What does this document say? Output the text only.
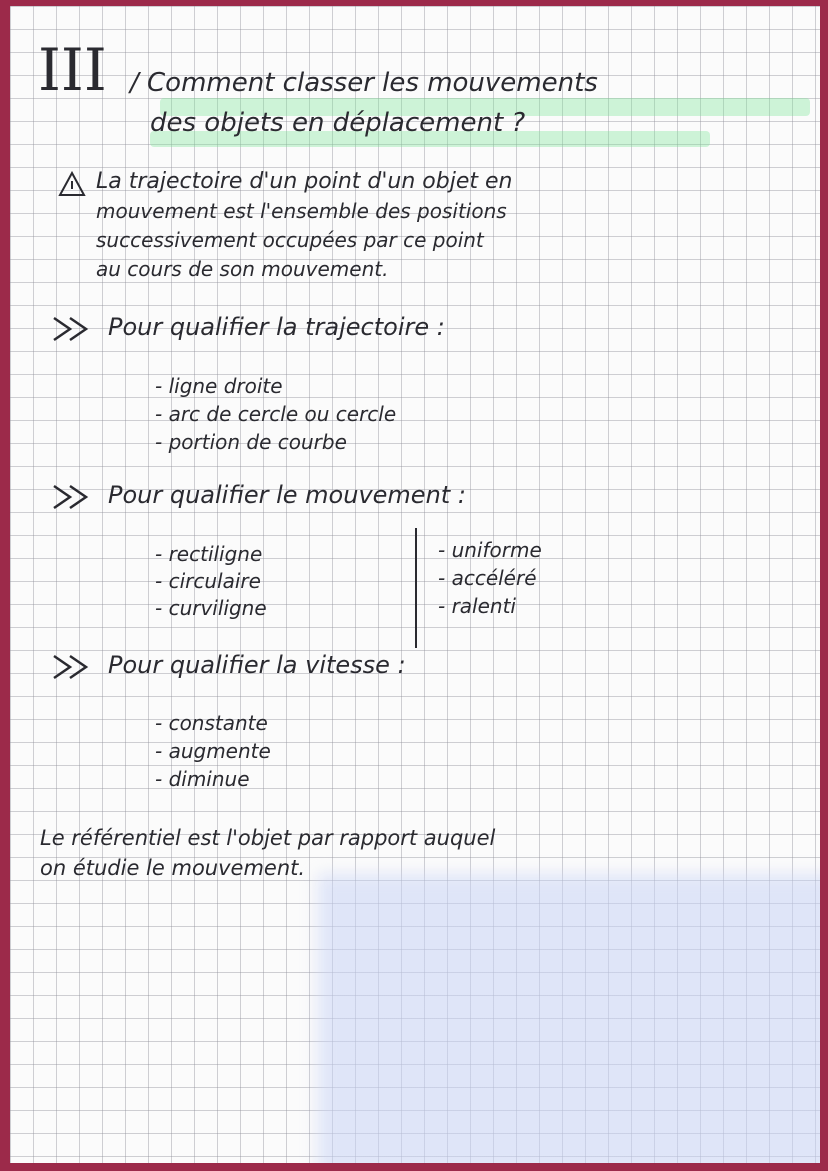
III / Comment classer les mouvements
des objets en déplacement ?
La trajectoire d'un point d'un objet en
mouvement est l'ensemble des positions
successivement occupées par ce point
au cours de son mouvement.
Pour qualifier la trajectoire :
- ligne droite
- arc de cercle ou cercle
- portion de courbe
Pour qualifier le mouvement :
- rectiligne
- circulaire
- curviligne
- uniforme
- accéléré
- ralenti
Pour qualifier la vitesse :
- constante
- augmente
- diminue
Le référentiel est l'objet par rapport auquel
on étudie le mouvement.
